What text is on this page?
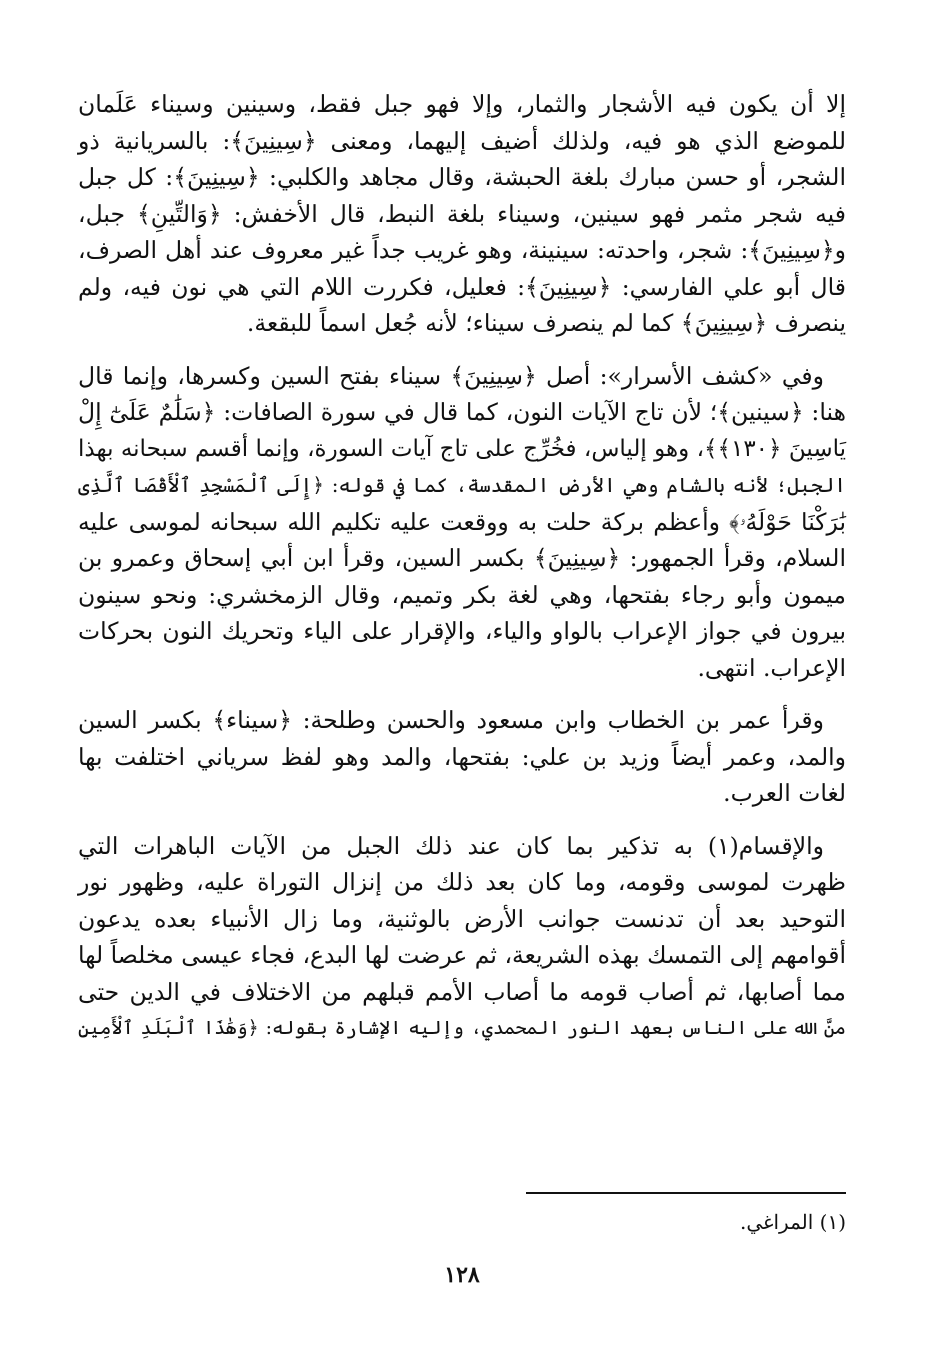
إلا أن يكون فيه الأشجار والثمار، وإلا فهو جبل فقط، وسينين وسيناء عَلَمان
للموضع الذي هو فيه، ولذلك أضيف إليهما، ومعنى ﴿سِينِينَ﴾: بالسريانية ذو
الشجر، أو حسن مبارك بلغة الحبشة، وقال مجاهد والكلبي: ﴿سِينِينَ﴾: كل جبل
فيه شجر مثمر فهو سينين، وسيناء بلغة النبط، قال الأخفش: ﴿وَالتِّينِ﴾ جبل،
و﴿سِينِينَ﴾: شجر، واحدته: سينينة، وهو غريب جداً غير معروف عند أهل الصرف،
قال أبو علي الفارسي: ﴿سِينِينَ﴾: فعليل، فكررت اللام التي هي نون فيه، ولم
ينصرف ﴿سِينِينَ﴾ كما لم ينصرف سيناء؛ لأنه جُعل اسماً للبقعة.
وفي «كشف الأسرار»: أصل ﴿سِينِينَ﴾ سيناء بفتح السين وكسرها، وإنما قال
هنا: ﴿سينين﴾؛ لأن تاج الآيات النون، كما قال في سورة الصافات: ﴿سَلَٰمٌ عَلَىٰٓ إِلْ
يَاسِينَ ﴿١٣٠﴾﴾، وهو إلياس، فخُرِّج على تاج آيات السورة، وإنما أقسم سبحانه بهذا
الجبل؛ لأنه بالشام وهي الأرض المقدسة، كما في قوله: ﴿إِلَى ٱلْمَسْجِدِ ٱلْأَقْصَا ٱلَّذِى
بَٰرَكْنَا حَوْلَهُۥ﴾ وأعظم بركة حلت به ووقعت عليه تكليم الله سبحانه لموسى عليه
السلام، وقرأ الجمهور: ﴿سِينِينَ﴾ بكسر السين، وقرأ ابن أبي إسحاق وعمرو بن
ميمون وأبو رجاء بفتحها، وهي لغة بكر وتميم، وقال الزمخشري: ونحو سينون
بيرون في جواز الإعراب بالواو والياء، والإقرار على الياء وتحريك النون بحركات
الإعراب. انتهى.
وقرأ عمر بن الخطاب وابن مسعود والحسن وطلحة: ﴿سيناء﴾ بكسر السين
والمد، وعمر أيضاً وزيد بن علي: بفتحها، والمد وهو لفظ سرياني اختلفت بها
لغات العرب.
والإقسام(١) به تذكير بما كان عند ذلك الجبل من الآيات الباهرات التي
ظهرت لموسى وقومه، وما كان بعد ذلك من إنزال التوراة عليه، وظهور نور
التوحيد بعد أن تدنست جوانب الأرض بالوثنية، وما زال الأنبياء بعده يدعون
أقوامهم إلى التمسك بهذه الشريعة، ثم عرضت لها البدع، فجاء عيسى مخلصاً لها
مما أصابها، ثم أصاب قومه ما أصاب الأمم قبلهم من الاختلاف في الدين حتى
منَّ الله على الناس بعهد النور المحمدي، وإليه الإشارة بقوله: ﴿وَهَٰذَا ٱلْبَلَدِ ٱلْأَمِينِ
(١) المراغي.
١٢٨
